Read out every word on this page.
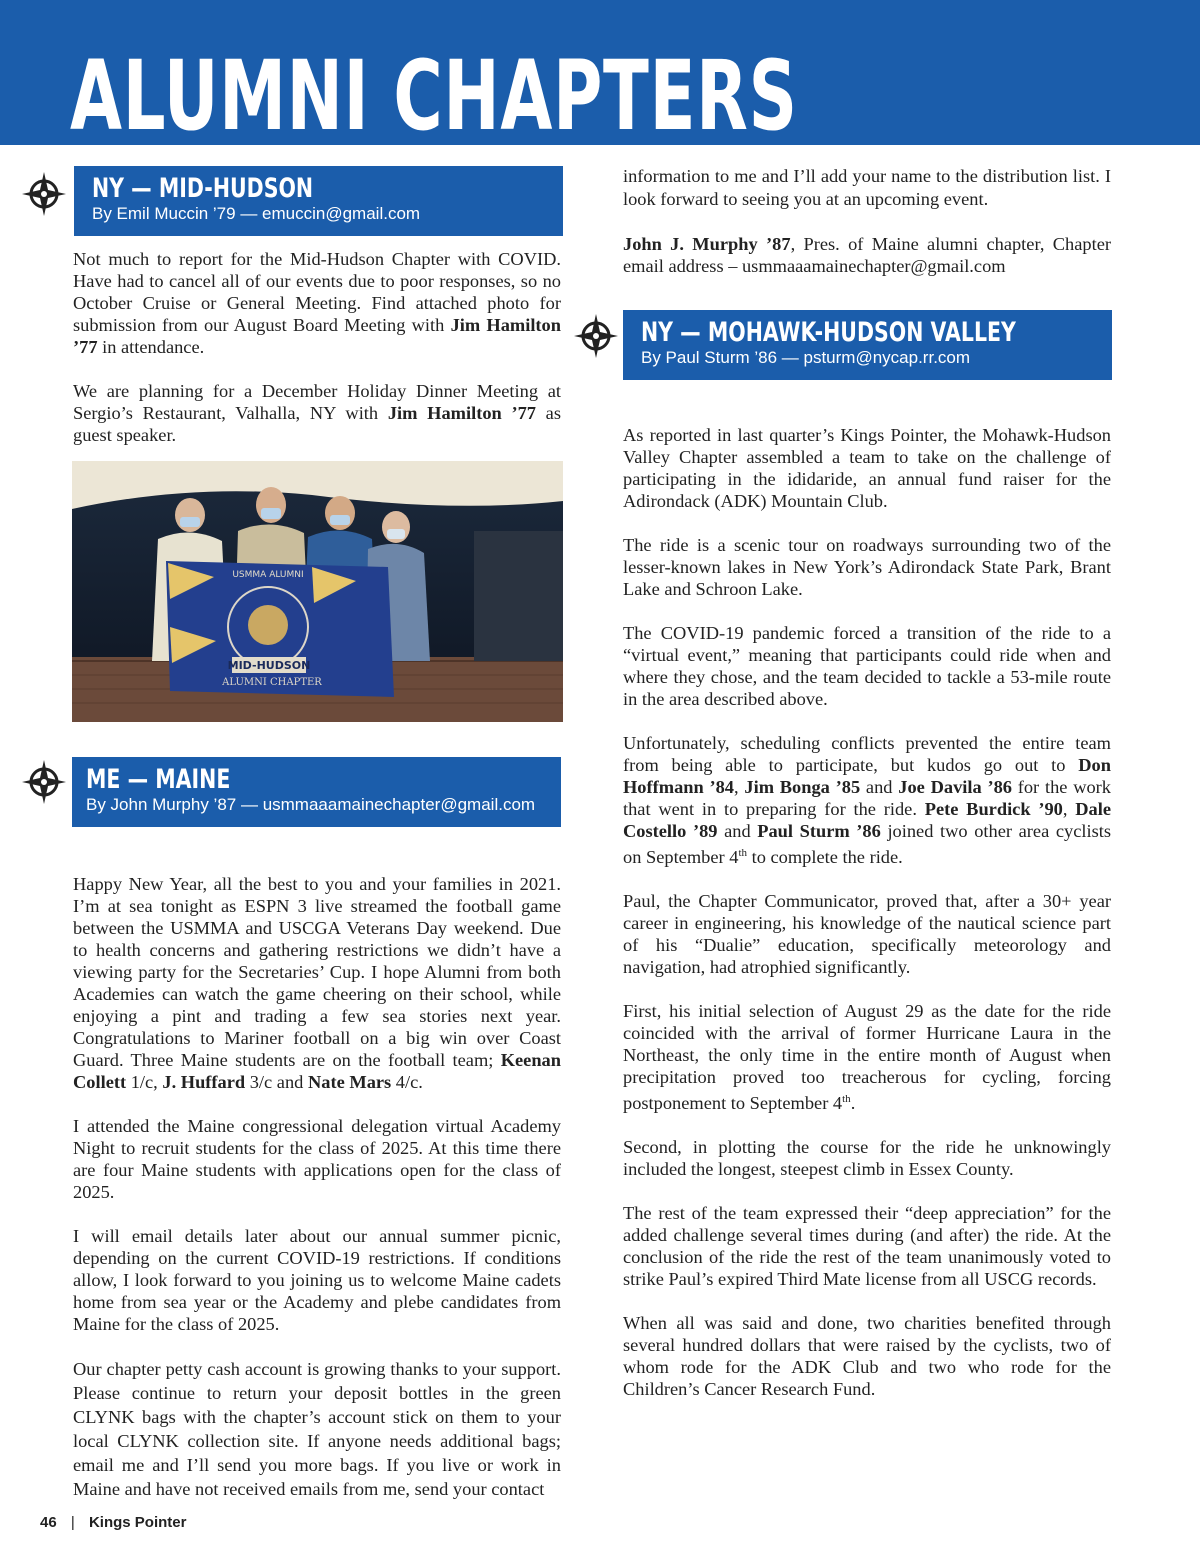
ALUMNI CHAPTERS
NY — MID-HUDSON
By Emil Muccin ’79 — emuccin@gmail.com

Not much to report for the Mid-Hudson Chapter with COVID. Have had to cancel all of our events due to poor responses, so no October Cruise or General Meeting. Find attached photo for submission from our August Board Meeting with Jim Hamilton ’77 in attendance.

We are planning for a December Holiday Dinner Meeting at Sergio’s Restaurant, Valhalla, NY with Jim Hamilton ’77 as guest speaker.

USMMA ALUMNI
MID-HUDSON
ALUMNI CHAPTER
ME — MAINE
By John Murphy ’87 — usmmaaamainechapter@gmail.com

Happy New Year, all the best to you and your families in 2021. I’m at sea tonight as ESPN 3 live streamed the football game between the USMMA and USCGA Veterans Day weekend. Due to health concerns and gathering restrictions we didn’t have a viewing party for the Secretaries’ Cup. I hope Alumni from both Academies can watch the game cheering on their school, while enjoying a pint and trading a few sea stories next year. Congratulations to Mariner football on a big win over Coast Guard. Three Maine students are on the football team; Keenan Collett 1/c, J. Huffard 3/c and Nate Mars 4/c.

I attended the Maine congressional delegation virtual Academy Night to recruit students for the class of 2025. At this time there are four Maine students with applications open for the class of 2025.

I will email details later about our annual summer picnic, depending on the current COVID-19 restrictions. If conditions allow, I look forward to you joining us to welcome Maine cadets home from sea year or the Academy and plebe candidates from Maine for the class of 2025.

Our chapter petty cash account is growing thanks to your support. Please continue to return your deposit bottles in the green CLYNK bags with the chapter’s account stick on them to your local CLYNK collection site. If anyone needs additional bags; email me and I’ll send you more bags. If you live or work in Maine and have not received emails from me, send your contact

information to me and I’ll add your name to the distribution list. I look forward to seeing you at an upcoming event.

John J. Murphy ’87, Pres. of Maine alumni chapter, Chapter email address – usmmaaamainechapter@gmail.com

NY — MOHAWK-HUDSON VALLEY
By Paul Sturm ’86 — psturm@nycap.rr.com

As reported in last quarter’s Kings Pointer, the Mohawk-Hudson Valley Chapter assembled a team to take on the challenge of participating in the ididaride, an annual fund raiser for the Adirondack (ADK) Mountain Club.

The ride is a scenic tour on roadways surrounding two of the lesser-known lakes in New York’s Adirondack State Park, Brant Lake and Schroon Lake.

The COVID-19 pandemic forced a transition of the ride to a “virtual event,” meaning that participants could ride when and where they chose, and the team decided to tackle a 53-mile route in the area described above.

Unfortunately, scheduling conflicts prevented the entire team from being able to participate, but kudos go out to Don Hoffmann ’84, Jim Bonga ’85 and Joe Davila ’86 for the work that went in to preparing for the ride. Pete Burdick ’90, Dale Costello ’89 and Paul Sturm ’86 joined two other area cyclists on September 4th to complete the ride.

Paul, the Chapter Communicator, proved that, after a 30+ year career in engineering, his knowledge of the nautical science part of his “Dualie” education, specifically meteorology and navigation, had atrophied significantly.

First, his initial selection of August 29 as the date for the ride coincided with the arrival of former Hurricane Laura in the Northeast, the only time in the entire month of August when precipitation proved too treacherous for cycling, forcing postponement to September 4th.

Second, in plotting the course for the ride he unknowingly included the longest, steepest climb in Essex County.

The rest of the team expressed their “deep appreciation” for the added challenge several times during (and after) the ride. At the conclusion of the ride the rest of the team unanimously voted to strike Paul’s expired Third Mate license from all USCG records.

When all was said and done, two charities benefited through several hundred dollars that were raised by the cyclists, two of whom rode for the ADK Club and two who rode for the Children’s Cancer Research Fund.

46 | Kings Pointer
